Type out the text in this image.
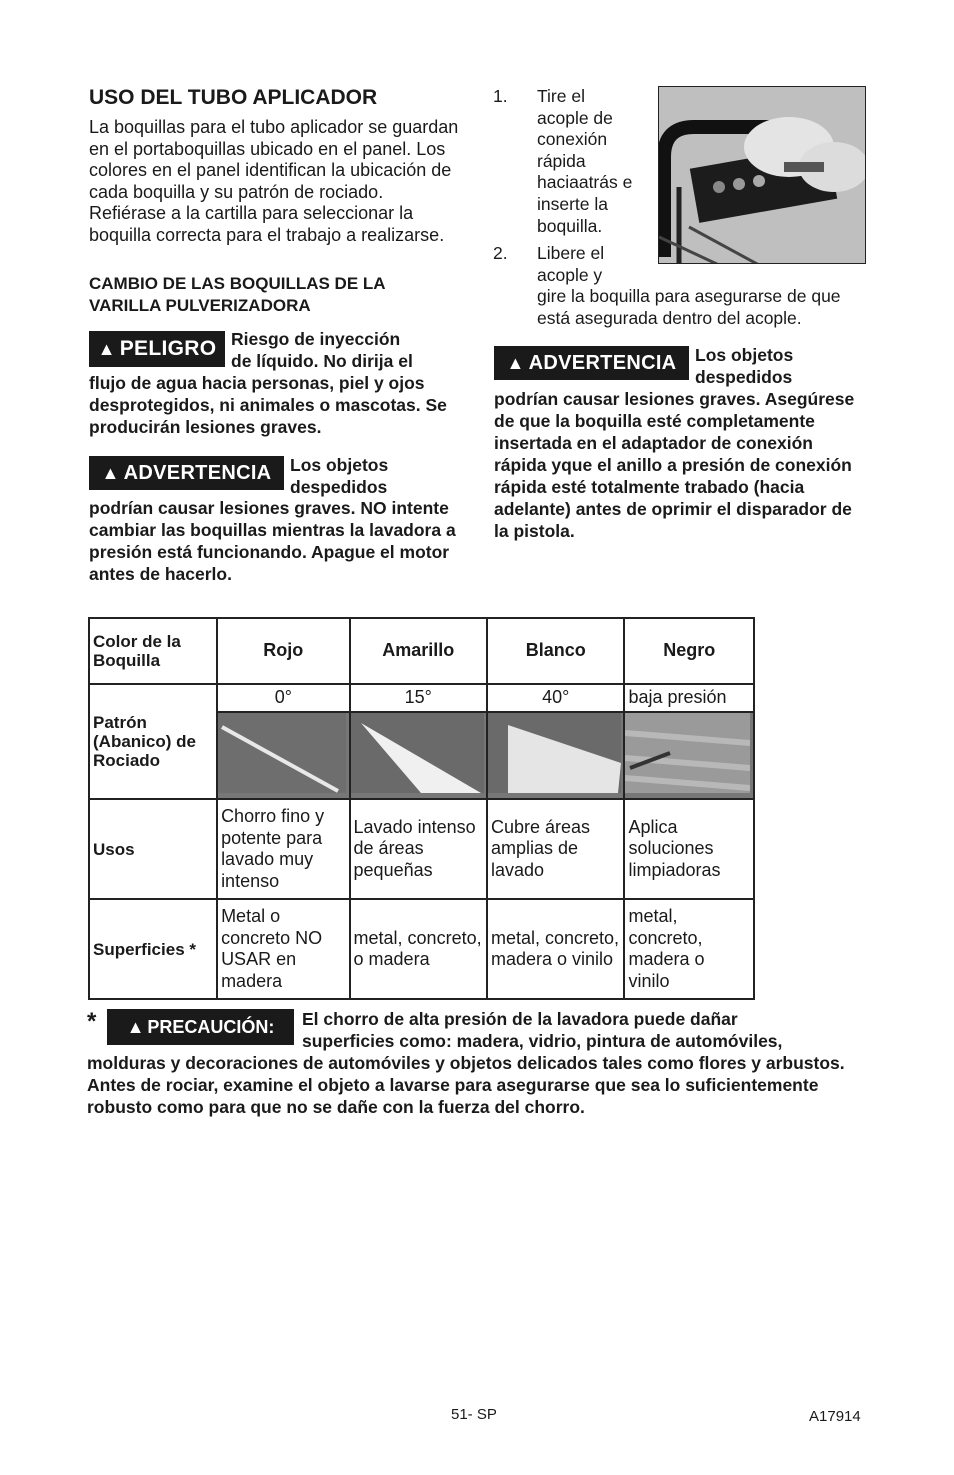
USO DEL TUBO APLICADOR
La boquillas para el tubo aplicador se guardan en el portaboquillas ubicado en el panel. Los colores en el panel identifican la ubicación de cada boquilla y su patrón de rociado. Refiérase a la cartilla para seleccionar la boquilla correcta para el trabajo a realizarse.
CAMBIO DE LAS BOQUILLAS DE LA VARILLA PULVERIZADORA
▲ PELIGRO Riesgo de inyección
de líquido. No dirija el
flujo de agua hacia personas, piel y ojos desprotegidos, ni animales o mascotas. Se producirán lesiones graves.
▲ ADVERTENCIA Los objetos
despedidos
podrían causar lesiones graves. NO intente cambiar las boquillas mientras la lavadora a presión está funcionando. Apague el motor antes de hacerlo.
1. Tire el acople de conexión rápida haciaatrás e inserte la boquilla.
2. Libere el
acople y
gire la boquilla para asegurarse de que está asegurada dentro del acople.
▲ ADVERTENCIA Los objetos
despedidos
podrían causar lesiones graves. Asegúrese de que la boquilla esté completamente insertada en el adaptador de conexión rápida yque el anillo a presión de conexión rápida esté totalmente trabado (hacia adelante) antes de oprimir el disparador de la pistola.
Color de la Boquilla	Rojo	Amarillo	Blanco	Negro
Patrón (Abanico) de Rociado	0°	15°	40°	baja presión

Usos	Chorro fino y potente para lavado muy intenso	Lavado intenso de áreas pequeñas	Cubre áreas amplias de lavado	Aplica soluciones limpiadoras
Superficies *	Metal o concreto NO USAR en madera	metal, concreto, o madera	metal, concreto, madera o vinilo	metal, concreto, madera o vinilo
* ▲ PRECAUCIÓN: El chorro de alta presión de la lavadora puede dañar
superficies como: madera, vidrio, pintura de automóviles,
molduras y decoraciones de automóviles y objetos delicados tales como flores y arbustos. Antes de rociar, examine el objeto a lavarse para asegurarse que sea lo suficientemente robusto como para que no se dañe con la fuerza del chorro.
51- SP	A17914
